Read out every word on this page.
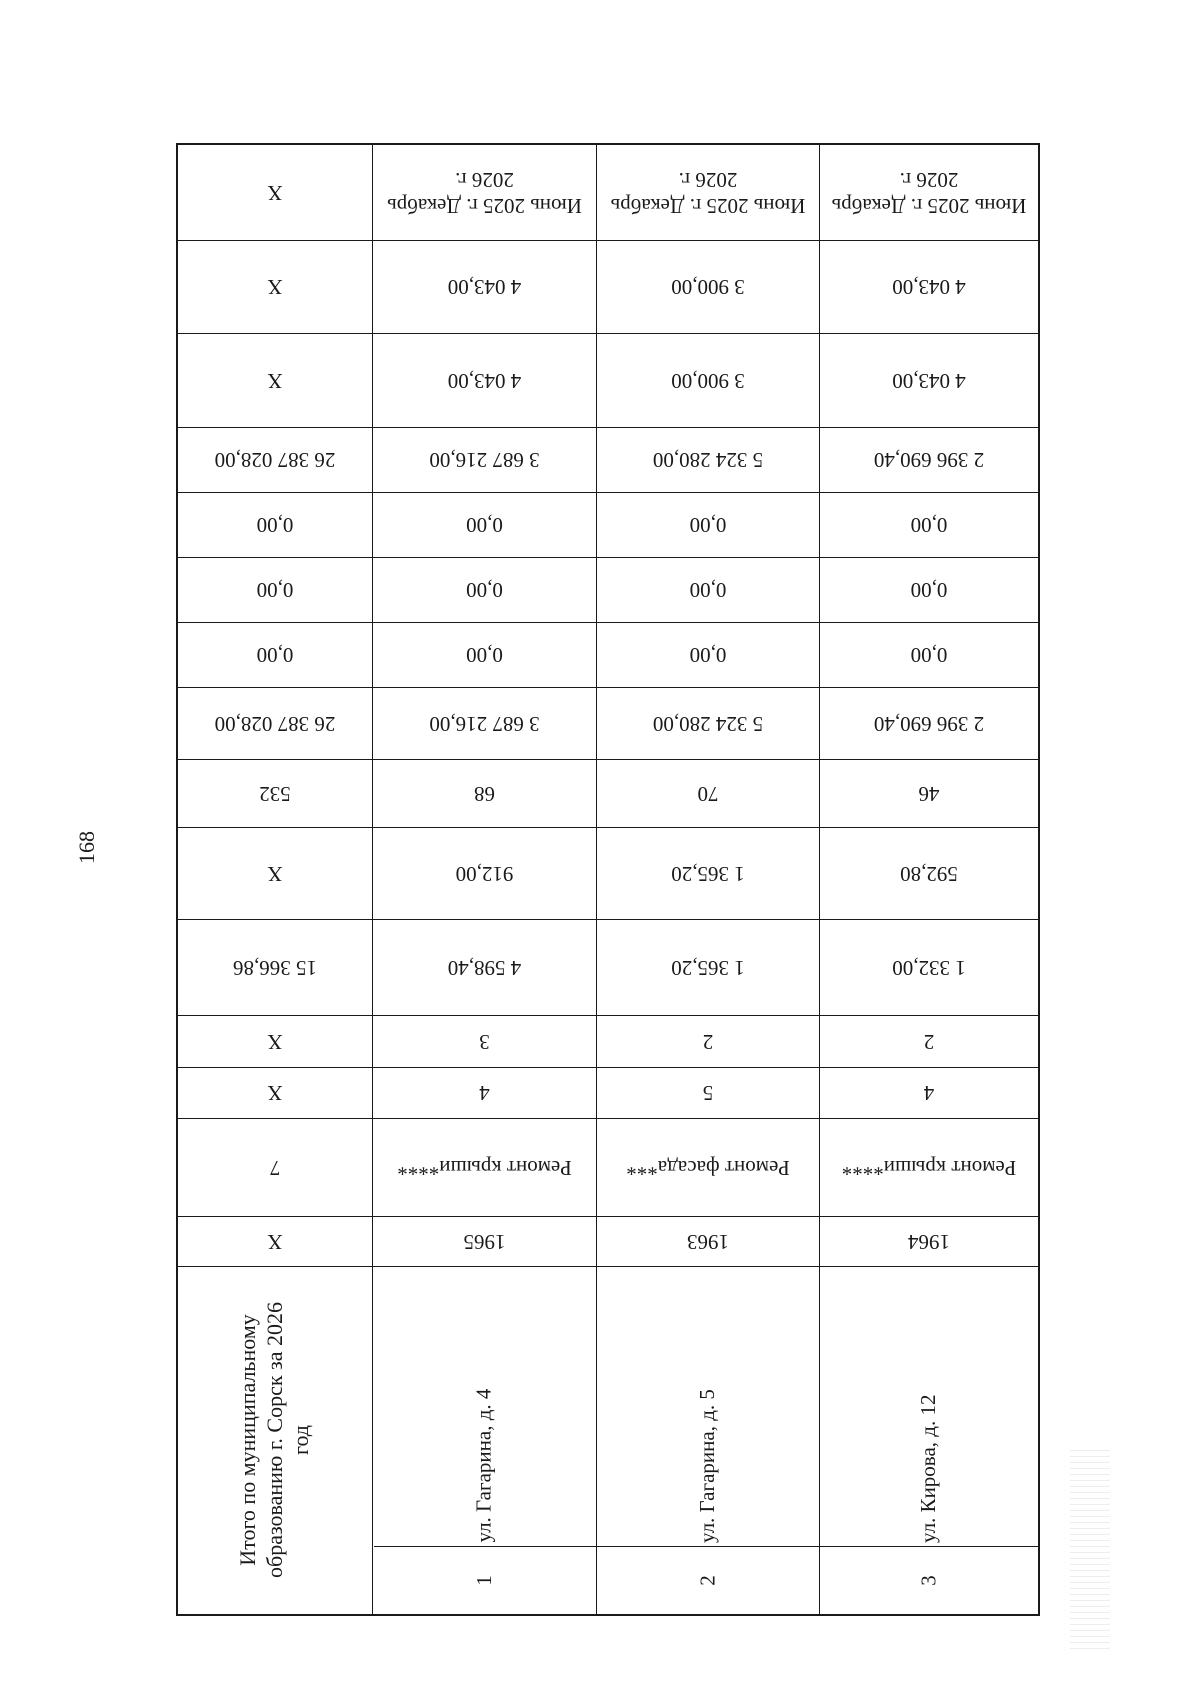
168
Х
Х
Х
26 387 028,00
0,00
0,00
0,00
26 387 028,00
532
Х
15 366,86
Х
Х
7
Х
Итого по муниципальному образованию г. Сорск за 2026 год
Июнь 2025 г. Декабрь 2026 г.
4 043,00
4 043,00
3 687 216,00
0,00
0,00
0,00
3 687 216,00
68
912,00
4 598,40
3
4
Ремонт крыши****
1965
ул. Гагарина, д. 4
1
Июнь 2025 г. Декабрь 2026 г.
3 900,00
3 900,00
5 324 280,00
0,00
0,00
0,00
5 324 280,00
70
1 365,20
1 365,20
2
5
Ремонт фасада***
1963
ул. Гагарина, д. 5
2
Июнь 2025 г. Декабрь 2026 г.
4 043,00
4 043,00
2 396 690,40
0,00
0,00
0,00
2 396 690,40
46
592,80
1 332,00
2
4
Ремонт крыши****
1964
ул. Кирова, д. 12
3
